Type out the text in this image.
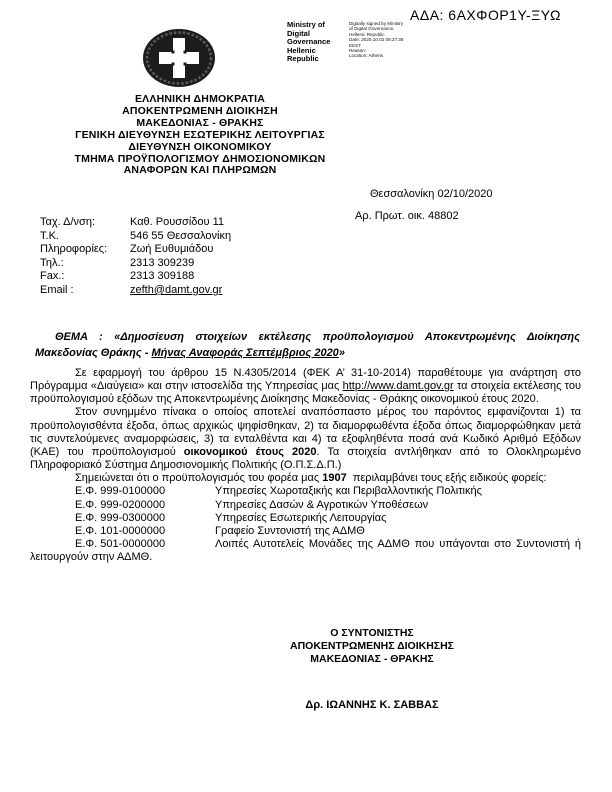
ΑΔΑ: 6ΑΧΦΟΡ1Υ-ΞΥΩ
Ministry of Digital
Governance
Hellenic Republic
Digitally signed by Ministry
of Digital Governance,
Hellenic Republic
Date: 2020.10.02 09:27:38
EEST
Reason:
Location: Athens
ΕΛΛΗΝΙΚΗ ΔΗΜΟΚΡΑΤΙΑ
ΑΠΟΚΕΝΤΡΩΜΕΝΗ ΔΙΟΙΚΗΣΗ
ΜΑΚΕΔΟΝΙΑΣ - ΘΡΑΚΗΣ
ΓΕΝΙΚΗ ΔΙΕΥΘΥΝΣΗ ΕΣΩΤΕΡΙΚΗΣ ΛΕΙΤΟΥΡΓΙΑΣ
ΔΙΕΥΘΥΝΣΗ ΟΙΚΟΝΟΜΙΚΟΥ
ΤΜΗΜΑ ΠΡΟΫΠΟΛΟΓΙΣΜΟΥ ΔΗΜΟΣΙΟΝΟΜΙΚΩΝ
ΑΝΑΦΟΡΩΝ ΚΑΙ ΠΛΗΡΩΜΩΝ
Θεσσαλονίκη 02/10/2020
Αρ. Πρωτ. οικ. 48802
Ταχ. Δ/νση:	Καθ. Ρουσσίδου 11
Τ.Κ.	546 55 Θεσσαλονίκη
Πληροφορίες:	Ζωή Ευθυμιάδου
Τηλ.:	2313 309239
Fax.:	2313 309188
Email :	zefth@damt.gov.gr
ΘΕΜΑ : «Δημοσίευση στοιχείων εκτέλεσης προϋπολογισμού Αποκεντρωμένης Διοίκησης Μακεδονίας Θράκης - Μήνας Αναφοράς Σεπτέμβριος 2020»

Σε εφαρμογή του άρθρου 15 Ν.4305/2014 (ΦΕΚ Α’ 31-10-2014) παραθέτουμε για ανάρτηση στο Πρόγραμμα «Διαύγεια» και στην ιστοσελίδα της Υπηρεσίας μας http://www.damt.gov.gr τα στοιχεία εκτέλεσης του προϋπολογισμού εξόδων της Αποκεντρωμένης Διοίκησης Μακεδονίας - Θράκης οικονομικού έτους 2020.

Στον συνημμένο πίνακα ο οποίος αποτελεί αναπόσπαστο μέρος του παρόντος εμφανίζονται 1) τα προϋπολογισθέντα έξοδα, όπως αρχικώς ψηφίσθηκαν, 2) τα διαμορφωθέντα έξοδα όπως διαμορφώθηκαν μετά τις συντελούμενες αναμορφώσεις, 3) τα ενταλθέντα και 4) τα εξοφληθέντα ποσά ανά Κωδικό Αριθμό Εξόδων (ΚΑΕ) του προϋπολογισμού οικονομικού έτους 2020. Τα στοιχεία αντλήθηκαν από το Ολοκληρωμένο Πληροφοριακό Σύστημα Δημοσιονομικής Πολιτικής (Ο.Π.Σ.Δ.Π.)

Σημειώνεται ότι ο προϋπολογισμός του φορέα μας 1907  περιλαμβάνει τους εξής ειδικούς φορείς:

Ε.Φ. 999-0100000	Υπηρεσίες Χωροταξικής και Περιβαλλοντικής Πολιτικής
Ε.Φ. 999-0200000	Υπηρεσίες Δασών & Αγροτικών Υποθέσεων
Ε.Φ. 999-0300000	Υπηρεσίες Εσωτερικής Λειτουργίας
Ε.Φ. 101-0000000	Γραφείο Συντονιστή της ΑΔΜΘ
Ε.Φ. 501-0000000	Λοιπές Αυτοτελείς Μονάδες της ΑΔΜΘ που υπάγονται στο Συντονιστή ή λειτουργούν στην ΑΔΜΘ.
Ο ΣΥΝΤΟΝΙΣΤΗΣ
ΑΠΟΚΕΝΤΡΩΜΕΝΗΣ ΔΙΟΙΚΗΣΗΣ
ΜΑΚΕΔΟΝΙΑΣ - ΘΡΑΚΗΣ
Δρ. ΙΩΑΝΝΗΣ Κ. ΣΑΒΒΑΣ
